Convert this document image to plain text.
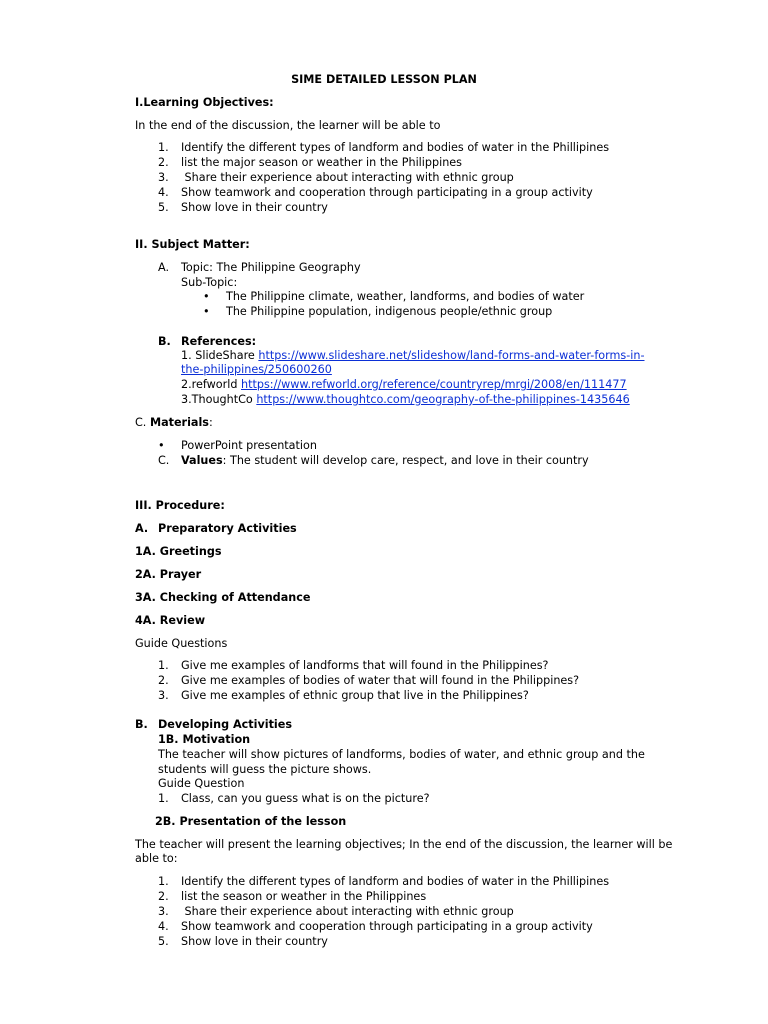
SIME DETAILED LESSON PLAN
I.Learning Objectives:
In the end of the discussion, the learner will be able to
1. Identify the different types of landform and bodies of water in the Phillipines
2. list the major season or weather in the Philippines
3. Share their experience about interacting with ethnic group
4. Show teamwork and cooperation through participating in a group activity
5. Show love in their country
II. Subject Matter:
A. Topic: The Philippine Geography
Sub-Topic:
• The Philippine climate, weather, landforms, and bodies of water
• The Philippine population, indigenous people/ethnic group
B. References:
1. SlideShare https://www.slideshare.net/slideshow/land-forms-and-water-forms-in-
the-philippines/250600260
2.refworld https://www.refworld.org/reference/countryrep/mrgi/2008/en/111477
3.ThoughtCo https://www.thoughtco.com/geography-of-the-philippines-1435646
C. Materials:
• PowerPoint presentation
C. Values: The student will develop care, respect, and love in their country
III. Procedure:
A. Preparatory Activities
1A. Greetings
2A. Prayer
3A. Checking of Attendance
4A. Review
Guide Questions
1. Give me examples of landforms that will found in the Philippines?
2. Give me examples of bodies of water that will found in the Philippines?
3. Give me examples of ethnic group that live in the Philippines?
B. Developing Activities
1B. Motivation
The teacher will show pictures of landforms, bodies of water, and ethnic group and the
students will guess the picture shows.
Guide Question
1. Class, can you guess what is on the picture?
2B. Presentation of the lesson
The teacher will present the learning objectives; In the end of the discussion, the learner will be
able to:
1. Identify the different types of landform and bodies of water in the Phillipines
2. list the season or weather in the Philippines
3. Share their experience about interacting with ethnic group
4. Show teamwork and cooperation through participating in a group activity
5. Show love in their country
